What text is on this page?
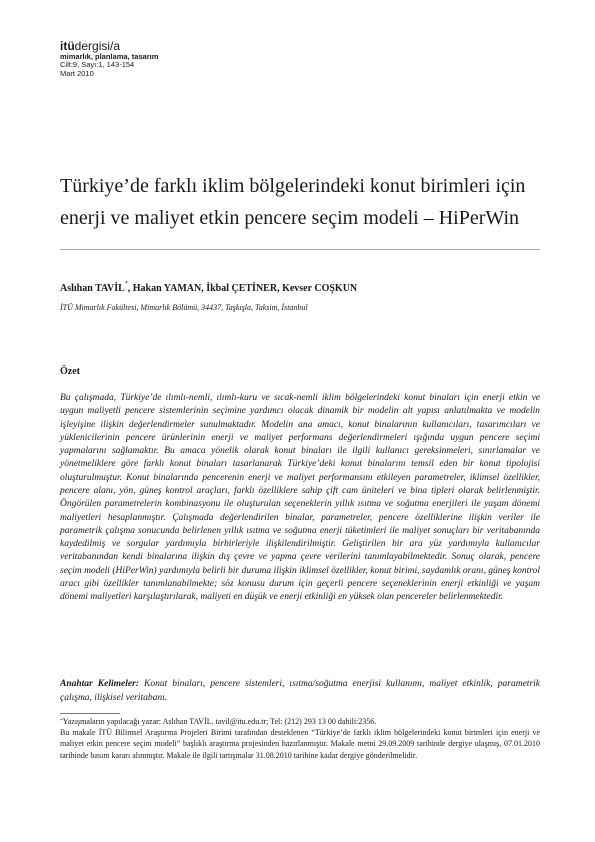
itüdergisi/a
mimarlık, planlama, tasarım
Cilt:9, Sayı:1, 143-154
Mart 2010
Türkiye’de farklı iklim bölgelerindeki konut birimleri için enerji ve maliyet etkin pencere seçim modeli – HiPerWin
Aslıhan TAVİL*, Hakan YAMAN, İkbal ÇETİNER, Kevser COŞKUN
İTÜ Mimarlık Fakültesi, Mimarlık Bölümü, 34437, Taşkışla, Taksim, İstanbul
Özet

Bu çalışmada, Türkiye’de ılımlı-nemli, ılımlı-kuru ve sıcak-nemli iklim bölgelerindeki konut binaları için enerji etkin ve uygun maliyetli pencere sistemlerinin seçimine yardımcı olacak dinamik bir modelin alt yapısı anlatılmakta ve modelin işleyişine ilişkin değerlendirmeler sunulmaktadır. Modelin ana amacı, konut binalarının kullanıcıları, tasarımcıları ve yüklenicilerinin pencere ürünlerinin enerji ve maliyet performans değerlendirmeleri ışığında uygun pencere seçimi yapmalarını sağlamaktır. Bu amaca yönelik olarak konut binaları ile ilgili kullanıcı gereksinmeleri, sınırlamalar ve yönetmeliklere göre farklı konut binaları tasarlanarak Türkiye’deki konut binalarını temsil eden bir konut tipolojisi oluşturulmuştur. Konut binalarında pencerenin enerji ve maliyet performansını etkileyen parametreler, iklimsel özellikler, pencere alanı, yön, güneş kontrol araçları, farklı özelliklere sahip çift cam üniteleri ve bina tipleri olarak belirlenmiştir. Öngörülen parametrelerin kombinasyonu ile oluşturulan seçeneklerin yıllık ısıtma ve soğutma enerjileri ile yaşam dönemi maliyetleri hesaplanmıştır. Çalışmada değerlendirilen binalar, parametreler, pencere özelliklerine ilişkin veriler ile parametrik çalışma sonucunda belirlenen yıllık ısıtma ve soğutma enerji tüketimleri ile maliyet sonuçları bir veritabanında kaydedilmiş ve sorgular yardımıyla birbirleriyle ilişkilendirilmiştir. Geliştirilen bir ara yüz yardımıyla kullanıcılar veritabanından kendi binalarına ilişkin dış çevre ve yapma çevre verilerini tanımlayabilmektedir. Sonuç olarak, pencere seçim modeli (HiPerWin) yardımıyla belirli bir duruma ilişkin iklimsel özellikler, konut birimi, saydamlık oranı, güneş kontrol aracı gibi özellikler tanımlanabilmekte; söz konusu durum için geçerli pencere seçeneklerinin enerji etkinliği ve yaşam dönemi maliyetleri karşılaştırılarak, maliyeti en düşük ve enerji etkinliği en yüksek olan pencereler belirlenmektedir.

Anahtar Kelimeler: Konut binaları, pencere sistemleri, ısıtma/soğutma enerjisi kullanımı, maliyet etkinlik, parametrik çalışma, ilişkisel veritabanı.

*Yazışmaların yapılacağı yazar: Aslıhan TAVİL. tavil@itu.edu.tr; Tel: (212) 293 13 00 dahili:2356.

Bu makale İTÜ Bilimsel Araştırma Projeleri Birimi tarafından desteklenen “Türkiye’de farklı iklim bölgelerindeki konut birimleri için enerji ve maliyet etkin pencere seçim modeli” başlıklı araştırma projesinden hazırlanmıştır. Makale metni 29.09.2009 tarihinde dergiye ulaşmış, 07.01.2010 tarihinde basım kararı alınmıştır. Makale ile ilgili tartışmalar 31.08.2010 tarihine kadar dergiye gönderilmelidir.
